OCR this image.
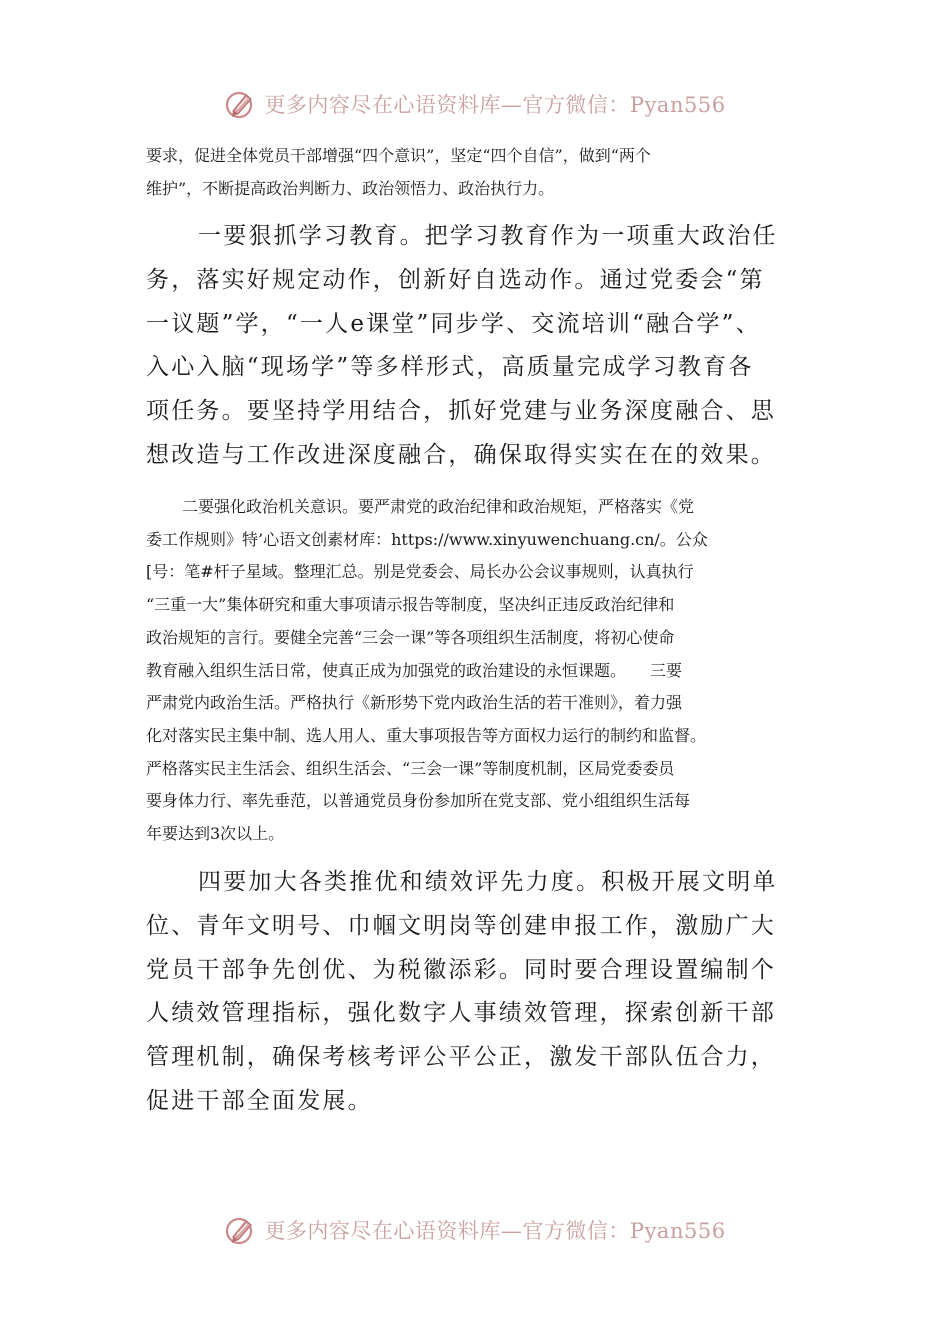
更多内容尽在心语资料库—官方微信：Pyan556

要求，促进全体党员干部增强“四个意识”，坚定“四个自信”，做到“两个
维护”，不断提高政治判断力、政治领悟力、政治执行力。

一要狠抓学习教育。把学习教育作为一项重大政治任
务，落实好规定动作，创新好自选动作。通过党委会“第
一议题”学，“一人e课堂”同步学、交流培训“融合学”、
入心入脑“现场学”等多样形式，高质量完成学习教育各
项任务。要坚持学用结合，抓好党建与业务深度融合、思
想改造与工作改进深度融合，确保取得实实在在的效果。

二要强化政治机关意识。要严肃党的政治纪律和政治规矩，严格落实《党
委工作规则》特’心语文创素材库：https://www.xinyuwenchuang.cn/。公众
[号：笔#杆子星域。整理汇总。别是党委会、局长办公会议事规则，认真执行
“三重一大”集体研究和重大事项请示报告等制度，坚决纠正违反政治纪律和
政治规矩的言行。要健全完善“三会一课”等各项组织生活制度，将初心使命
教育融入组织生活日常，使真正成为加强党的政治建设的永恒课题。　　三要
严肃党内政治生活。严格执行《新形势下党内政治生活的若干准则》，着力强
化对落实民主集中制、选人用人、重大事项报告等方面权力运行的制约和监督。
严格落实民主生活会、组织生活会、“三会一课”等制度机制，区局党委委员
要身体力行、率先垂范，以普通党员身份参加所在党支部、党小组组织生活每
年要达到3次以上。

四要加大各类推优和绩效评先力度。积极开展文明单
位、青年文明号、巾帼文明岗等创建申报工作，激励广大
党员干部争先创优、为税徽添彩。同时要合理设置编制个
人绩效管理指标，强化数字人事绩效管理，探索创新干部
管理机制，确保考核考评公平公正，激发干部队伍合力，
促进干部全面发展。

更多内容尽在心语资料库—官方微信：Pyan556
